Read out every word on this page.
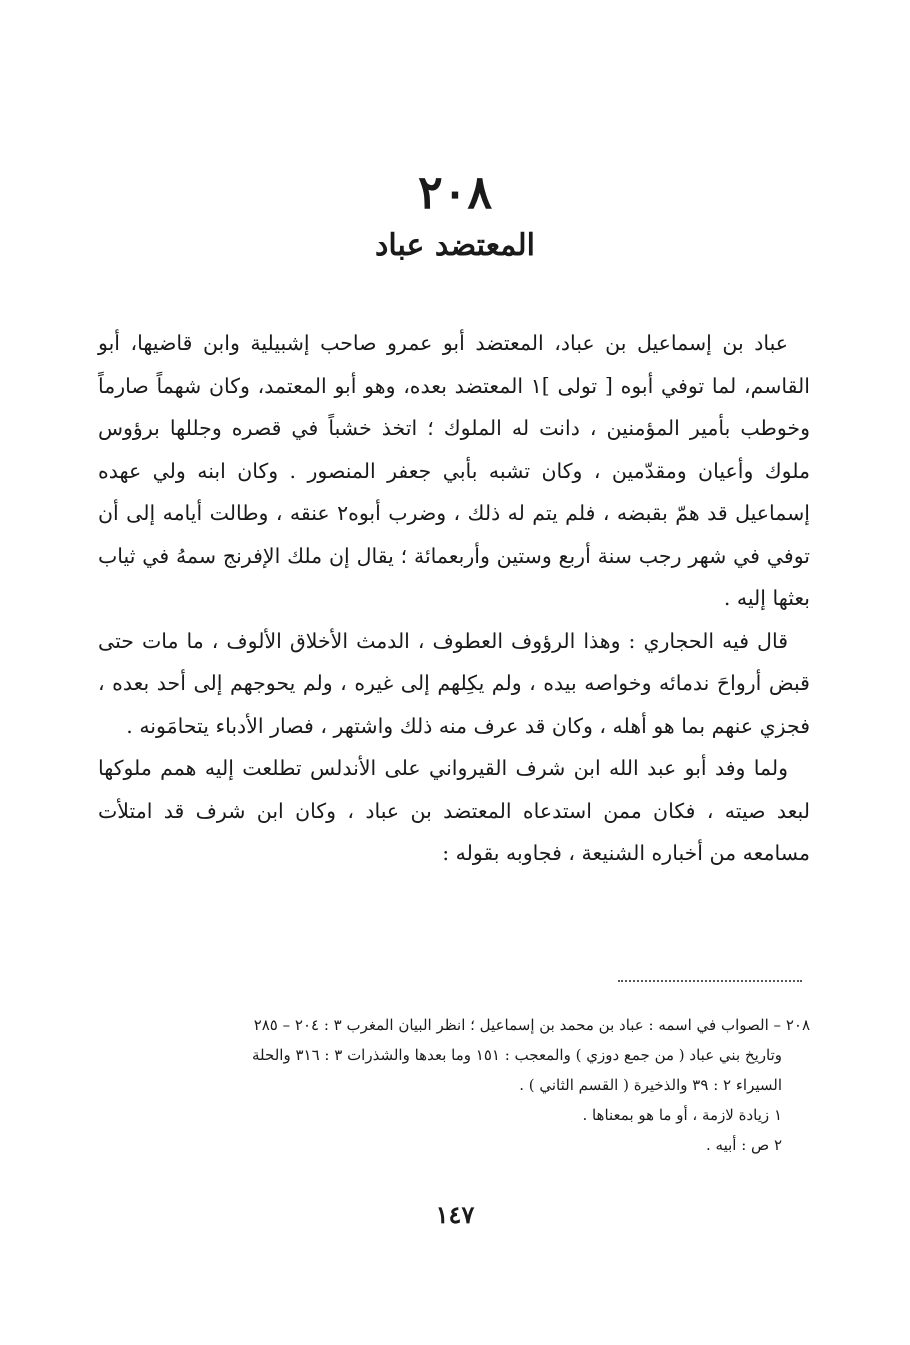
٢٠٨
المعتضد عباد

عباد بن إسماعيل بن عباد، المعتضد أبو عمرو صاحب إشبيلية وابن قاضيها، أبو القاسم، لما توفي أبوه [ تولى ]١ المعتضد بعده، وهو أبو المعتمد، وكان شهماً صارماً وخوطب بأمير المؤمنين ، دانت له الملوك ؛ اتخذ خشباً في قصره وجللها برؤوس ملوك وأعيان ومقدّمين ، وكان تشبه بأبي جعفر المنصور . وكان ابنه ولي عهده إسماعيل قد همّ بقبضه ، فلم يتم له ذلك ، وضرب أبوه٢ عنقه ، وطالت أيامه إلى أن توفي في شهر رجب سنة أربع وستين وأربعمائة ؛ يقال إن ملك الإفرنج سمهُ في ثياب بعثها إليه .

قال فيه الحجاري : وهذا الرؤوف العطوف ، الدمث الأخلاق الألوف ، ما مات حتى قبض أرواحَ ندمائه وخواصه بيده ، ولم يكِلهم إلى غيره ، ولم يحوجهم إلى أحد بعده ، فجزي عنهم بما هو أهله ، وكان قد عرف منه ذلك واشتهر ، فصار الأدباء يتحامَونه .

ولما وفد أبو عبد الله ابن شرف القيرواني على الأندلس تطلعت إليه همم ملوكها لبعد صيته ، فكان ممن استدعاه المعتضد بن عباد ، وكان ابن شرف قد امتلأت مسامعه من أخباره الشنيعة ، فجاوبه بقوله :

٢٠٨ – الصواب في اسمه : عباد بن محمد بن إسماعيل ؛ انظر البيان المغرب ٣ : ٢٠٤ – ٢٨٥

وتاريخ بني عباد ( من جمع دوزي ) والمعجب : ١٥١ وما بعدها والشذرات ٣ : ٣١٦ والحلة

السيراء ٢ : ٣٩ والذخيرة ( القسم الثاني ) .

١ زيادة لازمة ، أو ما هو بمعناها .

٢ ص : أبيه .

١٤٧
